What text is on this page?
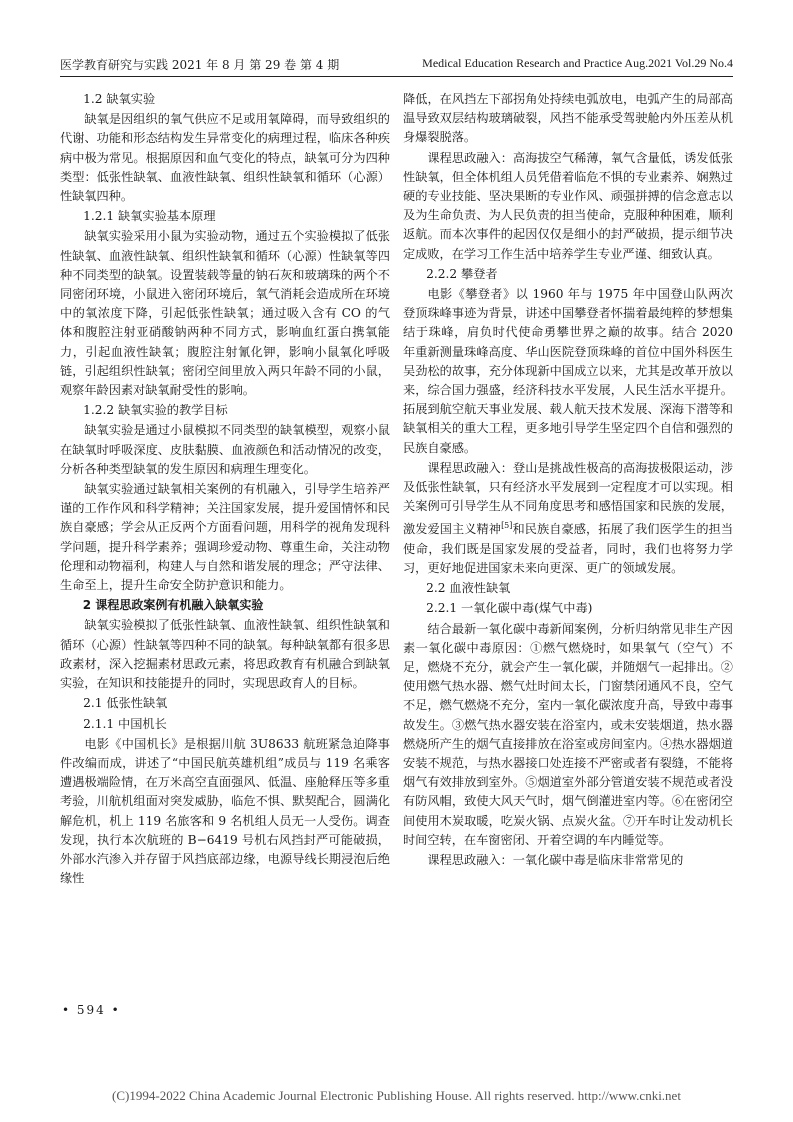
医学教育研究与实践 2021 年 8 月 第 29 卷 第 4 期	Medical Education Research and Practice Aug.2021 Vol.29 No.4
1.2 缺氧实验

缺氧是因组织的氧气供应不足或用氧障碍，而导致组织的代谢、功能和形态结构发生异常变化的病理过程，临床各种疾病中极为常见。根据原因和血气变化的特点，缺氧可分为四种类型：低张性缺氧、血液性缺氧、组织性缺氧和循环（心源）性缺氧四种。

1.2.1 缺氧实验基本原理

缺氧实验采用小鼠为实验动物，通过五个实验模拟了低张性缺氧、血液性缺氧、组织性缺氧和循环（心源）性缺氧等四种不同类型的缺氧。设置装载等量的钠石灰和玻璃珠的两个不同密闭环境，小鼠进入密闭环境后，氧气消耗会造成所在环境中的氧浓度下降，引起低张性缺氧；通过吸入含有 CO 的气体和腹腔注射亚硝酸钠两种不同方式，影响血红蛋白携氧能力，引起血液性缺氧；腹腔注射氰化钾，影响小鼠氧化呼吸链，引起组织性缺氧；密闭空间里放入两只年龄不同的小鼠，观察年龄因素对缺氧耐受性的影响。

1.2.2 缺氧实验的教学目标

缺氧实验是通过小鼠模拟不同类型的缺氧模型，观察小鼠在缺氧时呼吸深度、皮肤黏膜、血液颜色和活动情况的改变，分析各种类型缺氧的发生原因和病理生理变化。

缺氧实验通过缺氧相关案例的有机融入，引导学生培养严谨的工作作风和科学精神；关注国家发展，提升爱国情怀和民族自豪感；学会从正反两个方面看问题，用科学的视角发现科学问题，提升科学素养；强调珍爱动物、尊重生命，关注动物伦理和动物福利，构建人与自然和谐发展的理念；严守法律、生命至上，提升生命安全防护意识和能力。

2 课程思政案例有机融入缺氧实验

缺氧实验模拟了低张性缺氧、血液性缺氧、组织性缺氧和循环（心源）性缺氧等四种不同的缺氧。每种缺氧都有很多思政素材，深入挖掘素材思政元素，将思政教育有机融合到缺氧实验，在知识和技能提升的同时，实现思政育人的目标。

2.1 低张性缺氧
2.1.1 中国机长

电影《中国机长》是根据川航 3U8633 航班紧急迫降事件改编而成，讲述了“中国民航英雄机组”成员与 119 名乘客遭遇极端险情，在万米高空直面强风、低温、座舱释压等多重考验，川航机组面对突发威胁，临危不惧、默契配合，圆满化解危机，机上 119 名旅客和 9 名机组人员无一人受伤。调查发现，执行本次航班的 B−6419 号机右风挡封严可能破损，外部水汽渗入并存留于风挡底部边缘，电源导线长期浸泡后绝缘性

降低，在风挡左下部拐角处持续电弧放电，电弧产生的局部高温导致双层结构玻璃破裂，风挡不能承受驾驶舱内外压差从机身爆裂脱落。

课程思政融入：高海拔空气稀薄，氧气含量低，诱发低张性缺氧，但全体机组人员凭借着临危不惧的专业素养、娴熟过硬的专业技能、坚决果断的专业作风、顽强拼搏的信念意志以及为生命负责、为人民负责的担当使命，克服种种困难，顺利返航。而本次事件的起因仅仅是细小的封严破损，提示细节决定成败，在学习工作生活中培养学生专业严谨、细致认真。

2.2.2 攀登者

电影《攀登者》以 1960 年与 1975 年中国登山队两次登顶珠峰事迹为背景，讲述中国攀登者怀揣着最纯粹的梦想集结于珠峰，肩负时代使命勇攀世界之巅的故事。结合 2020 年重新测量珠峰高度、华山医院登顶珠峰的首位中国外科医生吴劲松的故事，充分体现新中国成立以来，尤其是改革开放以来，综合国力强盛，经济科技水平发展，人民生活水平提升。拓展到航空航天事业发展、载人航天技术发展、深海下潜等和缺氧相关的重大工程，更多地引导学生坚定四个自信和强烈的民族自豪感。

课程思政融入：登山是挑战性极高的高海拔极限运动，涉及低张性缺氧，只有经济水平发展到一定程度才可以实现。相关案例可引导学生从不同角度思考和感悟国家和民族的发展，激发爱国主义精神[5]和民族自豪感，拓展了我们医学生的担当使命，我们既是国家发展的受益者，同时，我们也将努力学习，更好地促进国家未来向更深、更广的领域发展。

2.2 血液性缺氧
2.2.1 一氧化碳中毒(煤气中毒)

结合最新一氧化碳中毒新闻案例，分析归纳常见非生产因素一氧化碳中毒原因：①燃气燃烧时，如果氧气（空气）不足，燃烧不充分，就会产生一氧化碳，并随烟气一起排出。②使用燃气热水器、燃气灶时间太长，门窗禁闭通风不良，空气不足，燃气燃烧不充分，室内一氧化碳浓度升高，导致中毒事故发生。③燃气热水器安装在浴室内，或未安装烟道，热水器燃烧所产生的烟气直接排放在浴室或房间室内。④热水器烟道安装不规范，与热水器接口处连接不严密或者有裂缝，不能将烟气有效排放到室外。⑤烟道室外部分管道安装不规范或者没有防风帽，致使大风天气时，烟气倒灌进室内等。⑥在密闭空间使用木炭取暖，吃炭火锅、点炭火盆。⑦开车时让发动机长时间空转，在车窗密闭、开着空调的车内睡觉等。

课程思政融入：一氧化碳中毒是临床非常常见的

• 594 •
(C)1994-2022 China Academic Journal Electronic Publishing House. All rights reserved. http://www.cnki.net
